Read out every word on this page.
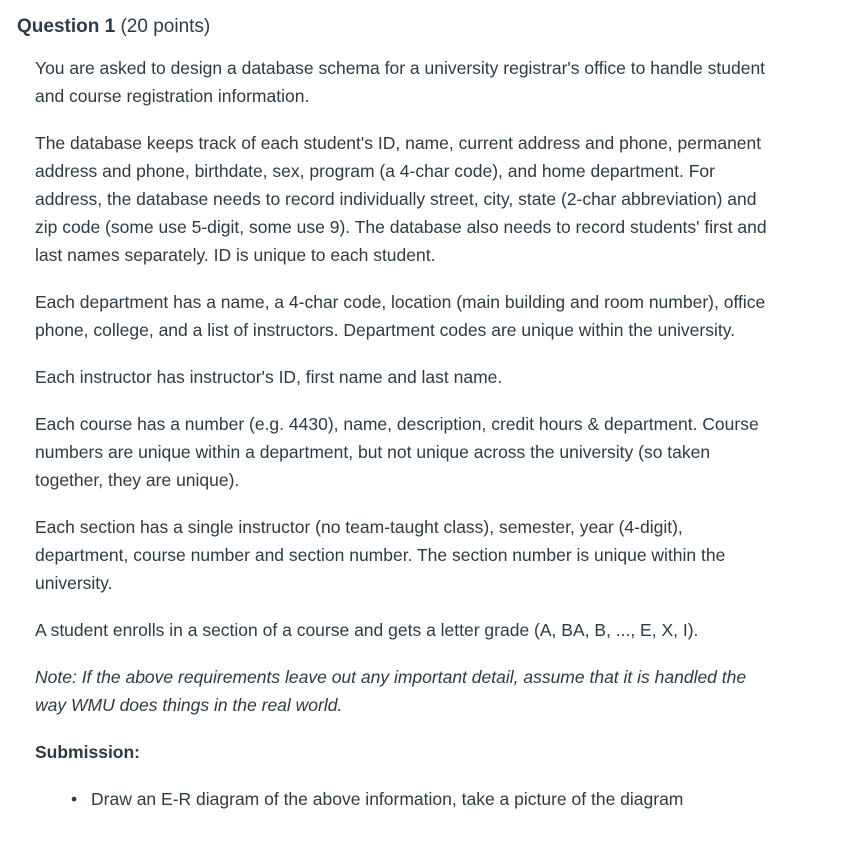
Question 1 (20 points)

You are asked to design a database schema for a university registrar's office to handle student and course registration information.

The database keeps track of each student's ID, name, current address and phone, permanent address and phone, birthdate, sex, program (a 4-char code), and home department. For address, the database needs to record individually street, city, state (2-char abbreviation) and zip code (some use 5-digit, some use 9). The database also needs to record students' first and last names separately. ID is unique to each student.

Each department has a name, a 4-char code, location (main building and room number), office phone, college, and a list of instructors. Department codes are unique within the university.

Each instructor has instructor's ID, first name and last name.

Each course has a number (e.g. 4430), name, description, credit hours & department. Course numbers are unique within a department, but not unique across the university (so taken together, they are unique).

Each section has a single instructor (no team-taught class), semester, year (4-digit), department, course number and section number. The section number is unique within the university.

A student enrolls in a section of a course and gets a letter grade (A, BA, B, ..., E, X, I).

Note: If the above requirements leave out any important detail, assume that it is handled the way WMU does things in the real world.

Submission:

• Draw an E-R diagram of the above information, take a picture of the diagram
